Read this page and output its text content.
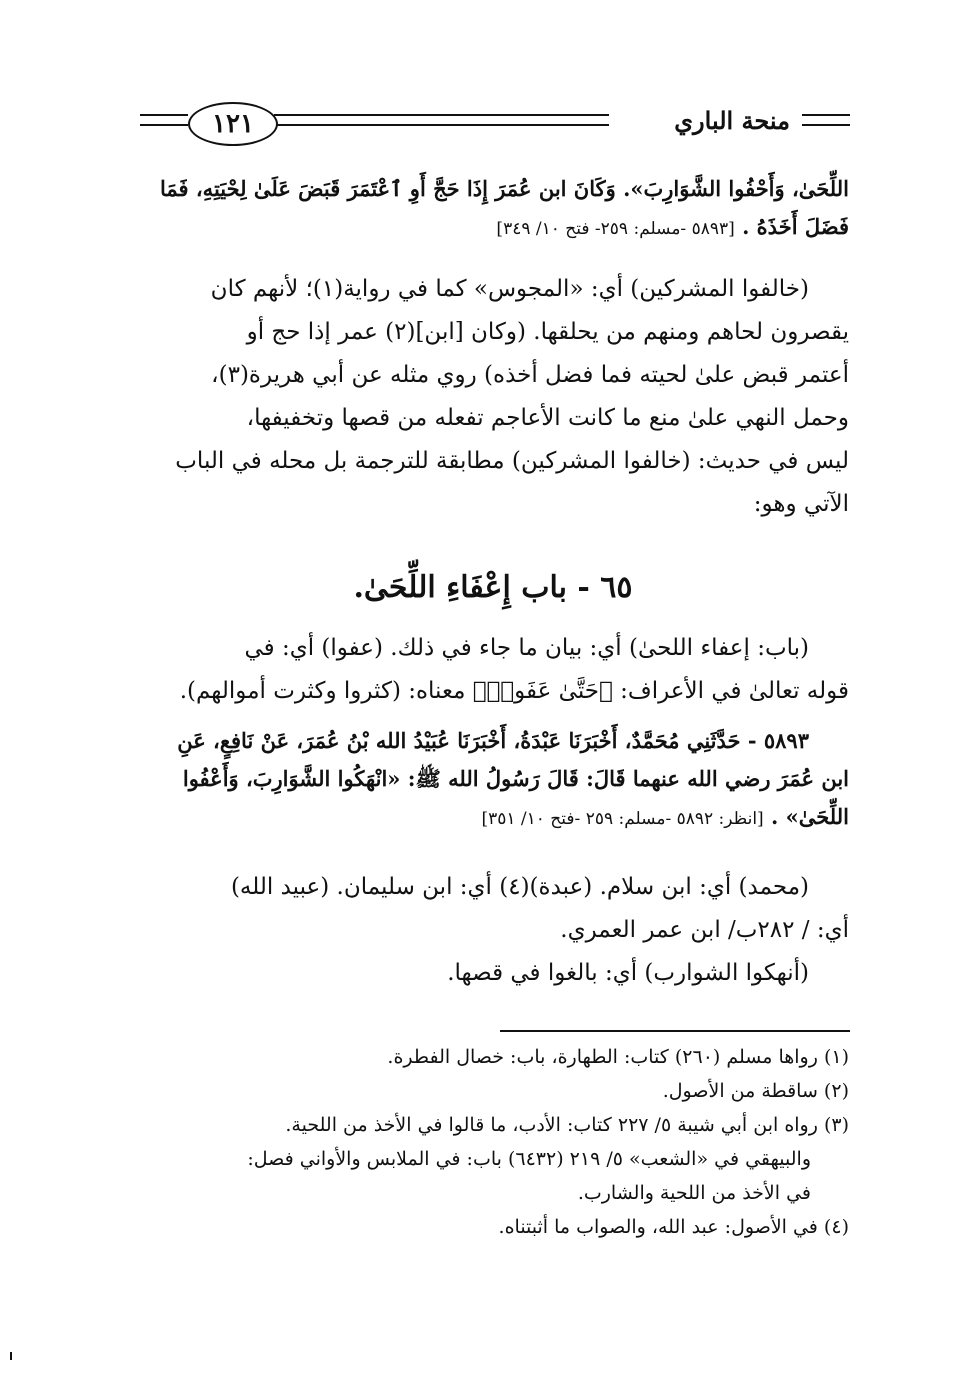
منحة الباري
١٢١

اللِّحَىٰ، وَأَحْفُوا الشَّوَارِبَ». وَكَانَ ابن عُمَرَ إِذَا حَجَّ أَوِ ٱعْتَمَرَ قَبَضَ عَلَىٰ لِحْيَتِهِ، فَمَا

فَضَلَ أَخَذَهُ . [٥٨٩٣ -مسلم: ٢٥٩- فتح ١٠/ ٣٤٩]

(خالفوا المشركين) أي: «المجوس» كما في رواية(١)؛ لأنهم كان

يقصرون لحاهم ومنهم من يحلقها. (وكان [ابن](٢) عمر إذا حج أو

أعتمر قبض علىٰ لحيته فما فضل أخذه) روي مثله عن أبي هريرة(٣)،

وحمل النهي علىٰ منع ما كانت الأعاجم تفعله من قصها وتخفيفها،

ليس في حديث: (خالفوا المشركين) مطابقة للترجمة بل محله في الباب

الآتي وهو:

٦٥ - باب إِعْفَاءِ اللِّحَىٰ.

(باب: إعفاء اللحىٰ) أي: بيان ما جاء في ذلك. (عفوا) أي: في

قوله تعالىٰ في الأعراف: ﴿حَتَّىٰ عَفَوا۟﴾ معناه: (كثروا وكثرت أموالهم).

٥٨٩٣ - حَدَّثَنِي مُحَمَّدٌ، أَخْبَرَنَا عَبْدَةُ، أَخْبَرَنَا عُبَيْدُ الله بْنُ عُمَرَ، عَنْ نَافِعٍ، عَنِ

ابن عُمَرَ رضي الله عنهما قَالَ: قَالَ رَسُولُ الله ﷺ: «انْهَكُوا الشَّوَارِبَ، وَأَعْفُوا

اللِّحَىٰ» . [انظر: ٥٨٩٢ -مسلم: ٢٥٩ -فتح ١٠/ ٣٥١]

(محمد) أي: ابن سلام. (عبدة)(٤) أي: ابن سليمان. (عبيد الله)

أي: / ٢٨٢ب/ ابن عمر العمري.

(أنهكوا الشوارب) أي: بالغوا في قصها.

(١) رواها مسلم (٢٦٠) كتاب: الطهارة، باب: خصال الفطرة.

(٢) ساقطة من الأصول.

(٣) رواه ابن أبي شيبة ٥/ ٢٢٧ كتاب: الأدب، ما قالوا في الأخذ من اللحية.

والبيهقي في «الشعب» ٥/ ٢١٩ (٦٤٣٢) باب: في الملابس والأواني فصل:

في الأخذ من اللحية والشارب.

(٤) في الأصول: عبد الله، والصواب ما أثبتناه.
